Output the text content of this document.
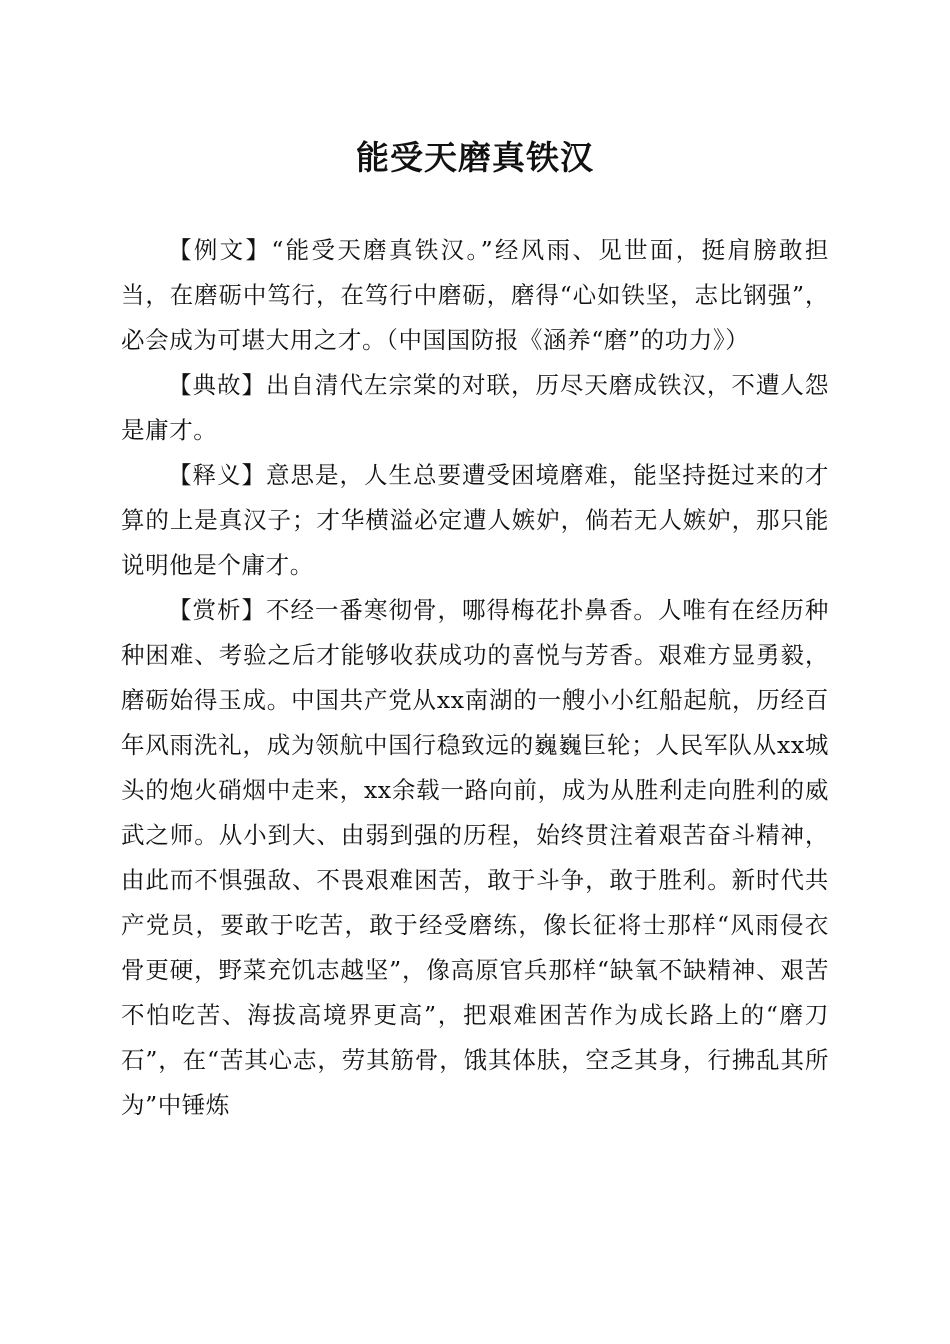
能受天磨真铁汉

【例文】“能受天磨真铁汉。”经风雨、见世面，挺肩膀敢担当，在磨砺中笃行，在笃行中磨砺，磨得“心如铁坚，志比钢强”，必会成为可堪大用之才。（中国国防报《涵养“磨”的功力》）

【典故】出自清代左宗棠的对联，历尽天磨成铁汉，不遭人怨是庸才。

【释义】意思是，人生总要遭受困境磨难，能坚持挺过来的才算的上是真汉子；才华横溢必定遭人嫉妒，倘若无人嫉妒，那只能说明他是个庸才。

【赏析】不经一番寒彻骨，哪得梅花扑鼻香。人唯有在经历种种困难、考验之后才能够收获成功的喜悦与芳香。艰难方显勇毅，磨砺始得玉成。中国共产党从xx南湖的一艘小小红船起航，历经百年风雨洗礼，成为领航中国行稳致远的巍巍巨轮；人民军队从xx城头的炮火硝烟中走来，xx余载一路向前，成为从胜利走向胜利的威武之师。从小到大、由弱到强的历程，始终贯注着艰苦奋斗精神，由此而不惧强敌、不畏艰难困苦，敢于斗争，敢于胜利。新时代共产党员，要敢于吃苦，敢于经受磨练，像长征将士那样“风雨侵衣骨更硬，野菜充饥志越坚”，像高原官兵那样“缺氧不缺精神、艰苦不怕吃苦、海拔高境界更高”，把艰难困苦作为成长路上的“磨刀石”，在“苦其心志，劳其筋骨，饿其体肤，空乏其身，行拂乱其所为”中锤炼
